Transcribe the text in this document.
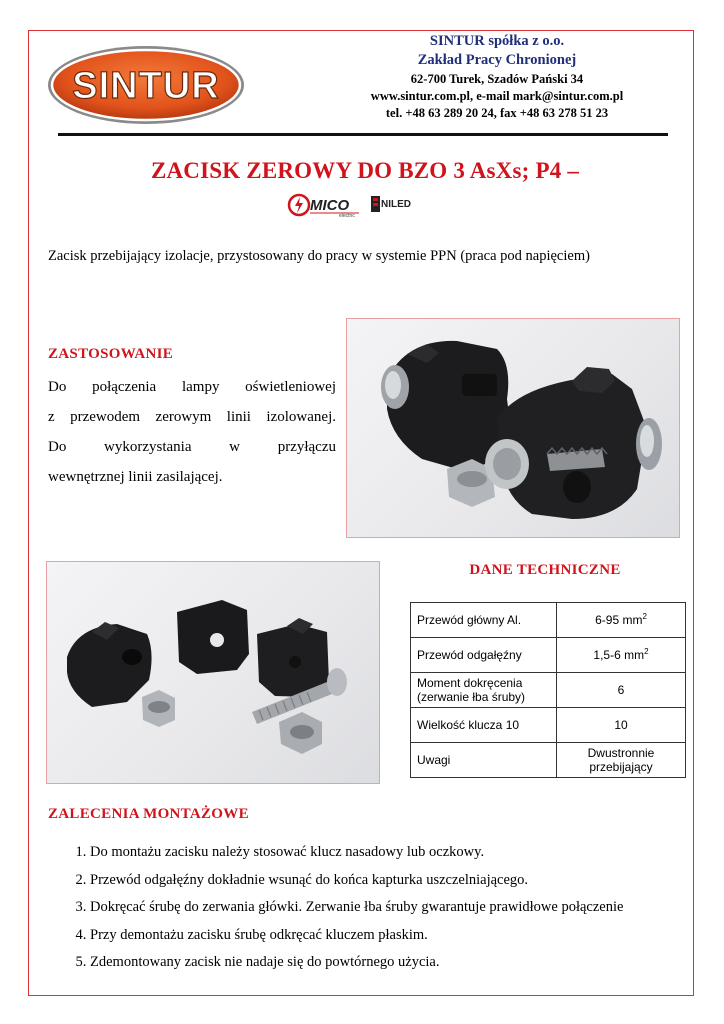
SINTUR
SINTUR spółka z o.o.
Zakład Pracy Chronionej
62-700 Turek, Szadów Pański 34
www.sintur.com.pl, e-mail mark@sintur.com.pl
tel. +48 63 289 20 24, fax +48 63 278 51 23
ZACISK ZEROWY DO BZO 3 AsXs; P4 –
MICO
electric
NILED
Zacisk przebijający izolacje, przystosowany do pracy w systemie PPN (praca pod napięciem)
ZASTOSOWANIE
Do połączenia lampy oświetleniowej
z przewodem zerowym linii izolowanej.
Do wykorzystania w przyłączu
wewnętrznej linii zasilającej.
DANE TECHNICZNE
Przewód główny Al.	6-95 $mm^2$
Przewód odgałęźny	1,5-6 $mm^2$

Moment dokręcenia
(zerwanie łba śruby)	6
Wielkość klucza 10	10
Uwagi	Dwustronnie
przebijający
ZALECENIA MONTAŻOWE
1. Do montażu zacisku należy stosować klucz nasadowy lub oczkowy.
2. Przewód odgałęźny dokładnie wsunąć do końca kapturka uszczelniającego.
3. Dokręcać śrubę do zerwania główki. Zerwanie łba śruby gwarantuje prawidłowe połączenie
4. Przy demontażu zacisku śrubę odkręcać kluczem płaskim.
5. Zdemontowany zacisk nie nadaje się do powtórnego użycia.
